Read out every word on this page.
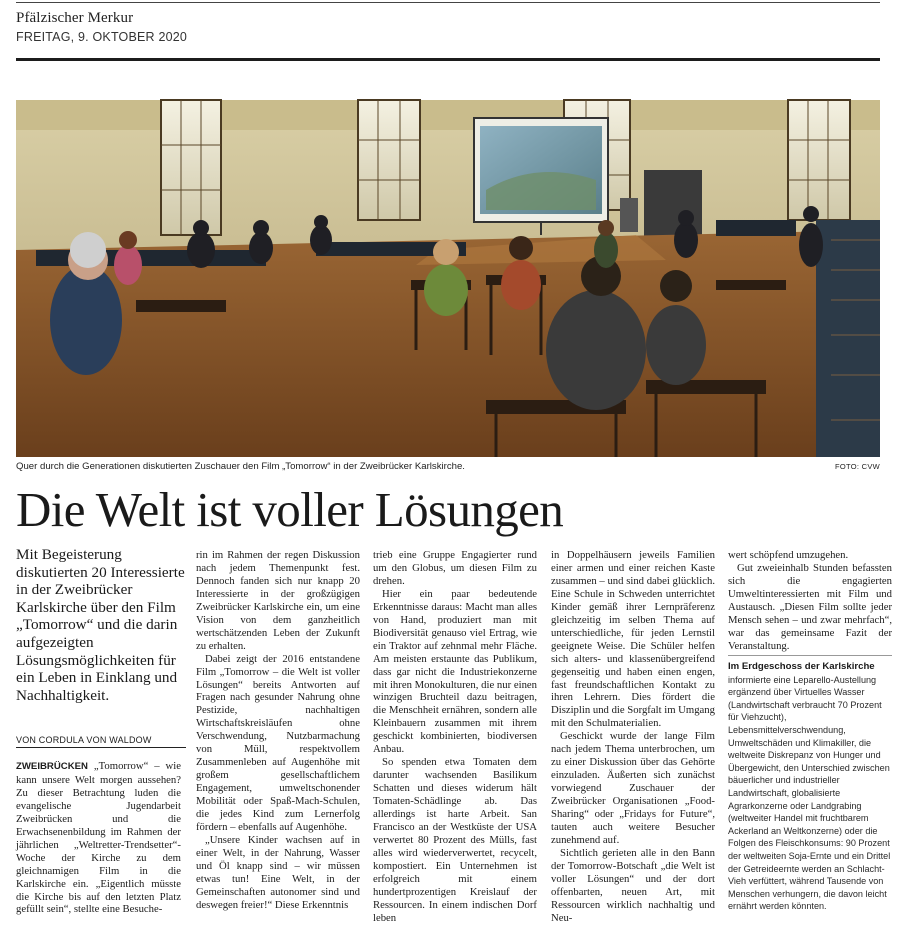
Pfälzischer Merkur
FREITAG, 9. OKTOBER 2020
Quer durch die Generationen diskutierten Zuschauer den Film „Tomorrow“ in der Zweibrücker Karlskirche.	FOTO: CVW
Die Welt ist voller Lösungen
Mit Begeisterung diskutierten 20 Interessierte in der Zweibrücker Karlskirche über den Film „Tomorrow“ und die darin aufgezeigten Lösungsmöglichkeiten für ein Leben in Einklang und Nachhaltigkeit.
VON CORDULA VON WALDOW

ZWEIBRÜCKEN „Tomorrow“ – wie kann unsere Welt morgen aussehen? Zu dieser Betrachtung luden die evangelische Jugendarbeit Zweibrücken und die Erwachsenenbildung im Rahmen der jährlichen „Weltretter-Trendsetter“-Woche der Kirche zu dem gleichnamigen Film in die Karlskirche ein. „Eigentlich müsste die Kirche bis auf den letzten Platz gefüllt sein“, stellte eine Besuche-

rin im Rahmen der regen Diskussion nach jedem Themenpunkt fest. Dennoch fanden sich nur knapp 20 Interessierte in der großzügigen Zweibrücker Karlskirche ein, um eine Vision von dem ganzheitlich wertschätzenden Leben der Zukunft zu erhalten.

Dabei zeigt der 2016 entstandene Film „Tomorrow – die Welt ist voller Lösungen“ bereits Antworten auf Fragen nach gesunder Nahrung ohne Pestizide, nachhaltigen Wirtschaftskreisläufen ohne Verschwendung, Nutzbarmachung von Müll, respektvollem Zusammenleben auf Augenhöhe mit großem gesellschaftlichem Engagement, umweltschonender Mobilität oder Spaß-Mach-Schulen, die jedes Kind zum Lernerfolg fördern – ebenfalls auf Augenhöhe.

„Unsere Kinder wachsen auf in einer Welt, in der Nahrung, Wasser und Öl knapp sind – wir müssen etwas tun! Eine Welt, in der Gemeinschaften autonomer sind und deswegen freier!“ Diese Erkenntnis

trieb eine Gruppe Engagierter rund um den Globus, um diesen Film zu drehen.

Hier ein paar bedeutende Erkenntnisse daraus: Macht man alles von Hand, produziert man mit Biodiversität genauso viel Ertrag, wie ein Traktor auf zehnmal mehr Fläche. Am meisten erstaunte das Publikum, dass gar nicht die Industriekonzerne mit ihren Monokulturen, die nur einen winzigen Bruchteil dazu beitragen, die Menschheit ernähren, sondern alle Kleinbauern zusammen mit ihrem geschickt kombinierten, biodiversen Anbau.

So spenden etwa Tomaten dem darunter wachsenden Basilikum Schatten und dieses widerum hält Tomaten-Schädlinge ab. Das allerdings ist harte Arbeit. San Francisco an der Westküste der USA verwertet 80 Prozent des Mülls, fast alles wird wiederverwertet, recycelt, kompostiert. Ein Unternehmen ist erfolgreich mit einem hundertprozentigen Kreislauf der Ressourcen. In einem indischen Dorf leben

in Doppelhäusern jeweils Familien einer armen und einer reichen Kaste zusammen – und sind dabei glücklich. Eine Schule in Schweden unterrichtet Kinder gemäß ihrer Lernpräferenz gleichzeitig im selben Thema auf unterschiedliche, für jeden Lernstil geeignete Weise. Die Schüler helfen sich alters- und klassenübergreifend gegenseitig und haben einen engen, fast freundschaftlichen Kontakt zu ihren Lehrern. Dies fördert die Disziplin und die Sorgfalt im Umgang mit den Schulmaterialien.

Geschickt wurde der lange Film nach jedem Thema unterbrochen, um zu einer Diskussion über das Gehörte einzuladen. Äußerten sich zunächst vorwiegend Zuschauer der Zweibrücker Organisationen „Food-Sharing“ oder „Fridays for Future“, tauten auch weitere Besucher zunehmend auf.

Sichtlich gerieten alle in den Bann der Tomorrow-Botschaft „die Welt ist voller Lösungen“ und der dort offenbarten, neuen Art, mit Ressourcen wirklich nachhaltig und Neu-

wert schöpfend umzugehen.

Gut zweieinhalb Stunden befassten sich die engagierten Umweltinteressierten mit Film und Austausch. „Diesen Film sollte jeder Mensch sehen – und zwar mehrfach“, war das gemeinsame Fazit der Veranstaltung.

Im Erdgeschoss der Karlskirche informierte eine Leparello-Austellung ergänzend über Virtuelles Wasser (Landwirtschaft verbraucht 70 Prozent für Viehzucht), Lebensmittelverschwendung, Umweltschäden und Klimakiller, die weltweite Diskrepanz von Hunger und Übergewicht, den Unterschied zwischen bäuerlicher und industrieller Landwirtschaft, globalisierte Agrarkonzerne oder Landgrabing (weltweiter Handel mit fruchtbarem Ackerland an Weltkonzerne) oder die Folgen des Fleischkonsums: 90 Prozent der weltweiten Soja-Ernte und ein Drittel der Getreideernte werden an Schlacht-Vieh verfüttert, während Tausende von Menschen verhungern, die davon leicht ernährt werden könnten.
